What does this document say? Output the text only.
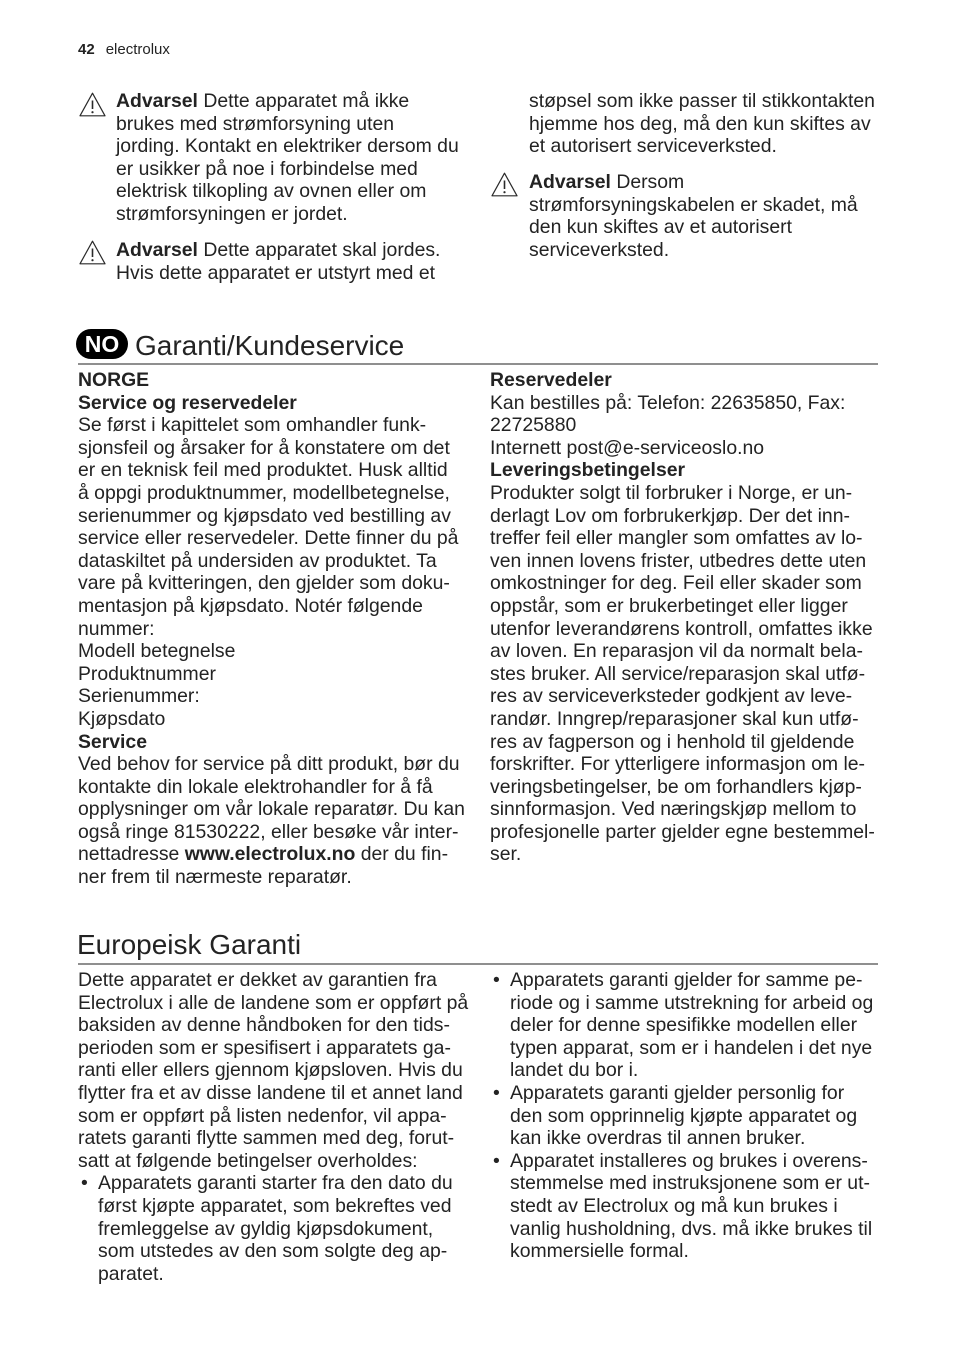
42 electrolux
Advarsel Dette apparatet må ikke
brukes med strømforsyning uten
jording. Kontakt en elektriker dersom du
er usikker på noe i forbindelse med
elektrisk tilkopling av ovnen eller om
strømforsyningen er jordet.
Advarsel Dette apparatet skal jordes.
Hvis dette apparatet er utstyrt med et
støpsel som ikke passer til stikkontakten
hjemme hos deg, må den kun skiftes av
et autorisert serviceverksted.
Advarsel Dersom
strømforsyningskabelen er skadet, må
den kun skiftes av et autorisert
serviceverksted.
NO Garanti/Kundeservice
NORGE
Service og reservedeler
Se først i kapittelet som omhandler funk-
sjonsfeil og årsaker for å konstatere om det
er en teknisk feil med produktet. Husk alltid
å oppgi produktnummer, modellbetegnelse,
serienummer og kjøpsdato ved bestilling av
service eller reservedeler. Dette finner du på
dataskiltet på undersiden av produktet. Ta
vare på kvitteringen, den gjelder som doku-
mentasjon på kjøpsdato. Notér følgende
nummer:
Modell betegnelse
Produktnummer
Serienummer:
Kjøpsdato
Service
Ved behov for service på ditt produkt, bør du
kontakte din lokale elektrohandler for å få
opplysninger om vår lokale reparatør. Du kan
også ringe 81530222, eller besøke vår inter-
nettadresse www.electrolux.no der du fin-
ner frem til nærmeste reparatør.
Reservedeler
Kan bestilles på: Telefon: 22635850, Fax:
22725880
Internett post@e-serviceoslo.no
Leveringsbetingelser
Produkter solgt til forbruker i Norge, er un-
derlagt Lov om forbrukerkjøp. Der det inn-
treffer feil eller mangler som omfattes av lo-
ven innen lovens frister, utbedres dette uten
omkostninger for deg. Feil eller skader som
oppstår, som er brukerbetinget eller ligger
utenfor leverandørens kontroll, omfattes ikke
av loven. En reparasjon vil da normalt bela-
stes bruker. All service/reparasjon skal utfø-
res av serviceverksteder godkjent av leve-
randør. Inngrep/reparasjoner skal kun utfø-
res av fagperson og i henhold til gjeldende
forskrifter. For ytterligere informasjon om le-
veringsbetingelser, be om forhandlers kjøp-
sinnformasjon. Ved næringskjøp mellom to
profesjonelle parter gjelder egne bestemmel-
ser.
Europeisk Garanti
Dette apparatet er dekket av garantien fra
Electrolux i alle de landene som er oppført på
baksiden av denne håndboken for den tids-
perioden som er spesifisert i apparatets ga-
ranti eller ellers gjennom kjøpsloven. Hvis du
flytter fra et av disse landene til et annet land
som er oppført på listen nedenfor, vil appa-
ratets garanti flytte sammen med deg, forut-
satt at følgende betingelser overholdes:
• Apparatets garanti starter fra den dato du
først kjøpte apparatet, som bekreftes ved
fremleggelse av gyldig kjøpsdokument,
som utstedes av den som solgte deg ap-
paratet.
• Apparatets garanti gjelder for samme pe-
riode og i samme utstrekning for arbeid og
deler for denne spesifikke modellen eller
typen apparat, som er i handelen i det nye
landet du bor i.
• Apparatets garanti gjelder personlig for
den som opprinnelig kjøpte apparatet og
kan ikke overdras til annen bruker.
• Apparatet installeres og brukes i overens-
stemmelse med instruksjonene som er ut-
stedt av Electrolux og må kun brukes i
vanlig husholdning, dvs. må ikke brukes til
kommersielle formal.
